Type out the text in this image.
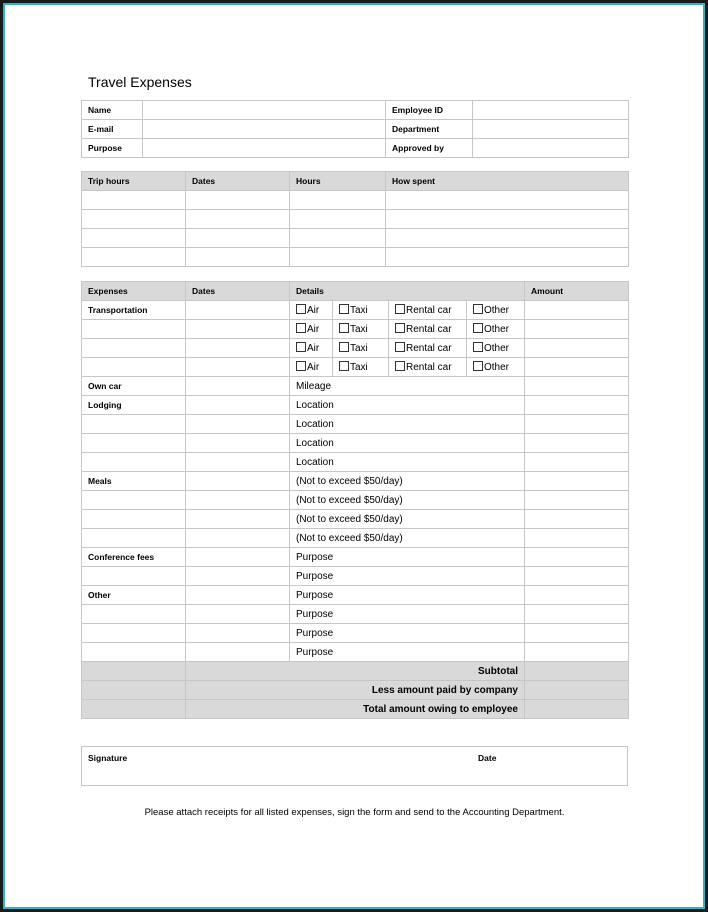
Travel Expenses
Name		Employee ID	
E-mail		Department	
Purpose		Approved by	
Trip hours	Dates	Hours	How spent

Expenses	Dates	Details				Amount
Transportation		Air	Taxi	Rental car	Other	
		Air	Taxi	Rental car	Other	
		Air	Taxi	Rental car	Other	
		Air	Taxi	Rental car	Other	
Own car		Mileage				
Lodging		Location				
		Location				
		Location				
		Location				
Meals		(Not to exceed $50/day)				
		(Not to exceed $50/day)				
		(Not to exceed $50/day)				
		(Not to exceed $50/day)				
Conference fees		Purpose				
		Purpose				
Other		Purpose				
		Purpose				
		Purpose				
		Purpose				
	Subtotal					
	Less amount paid by company					
	Total amount owing to employee					
Signature	Date
Please attach receipts for all listed expenses, sign the form and send to the Accounting Department.
